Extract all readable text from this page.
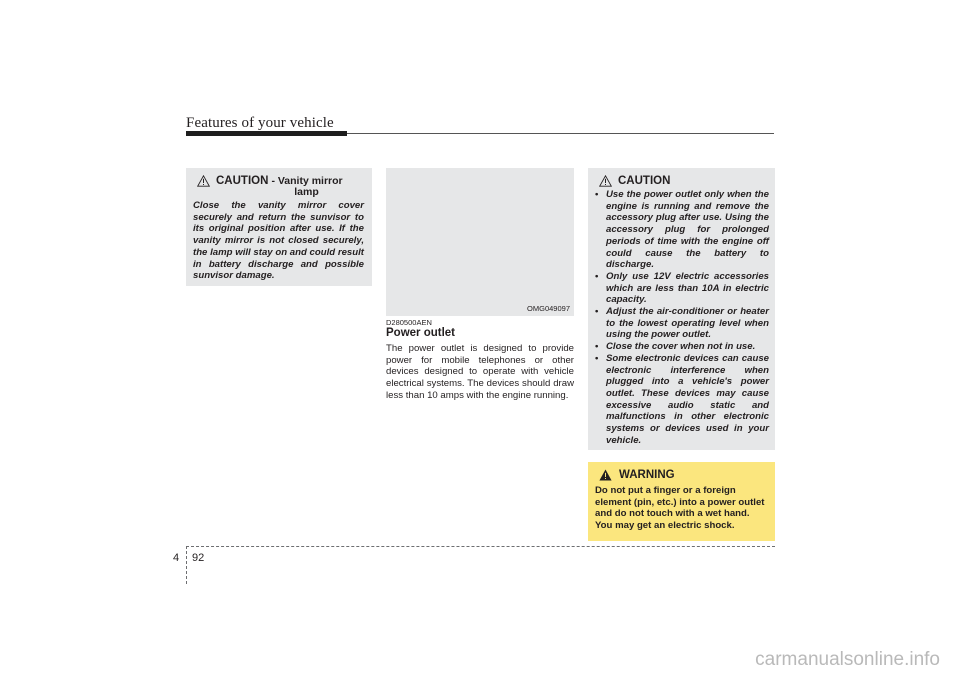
Features of your vehicle
CAUTION - Vanity mirror
lamp
Close the vanity mirror cover securely and return the sunvisor to its original position after use. If the vanity mirror is not closed securely, the lamp will stay on and could result in battery discharge and possible sunvisor damage.
OMG049097
D280500AEN
Power outlet
The power outlet is designed to provide power for mobile telephones or other devices designed to operate with vehicle electrical systems. The devices should draw less than 10 amps with the engine running.
CAUTION
• Use the power outlet only when the engine is running and remove the accessory plug after use. Using the accessory plug for prolonged periods of time with the engine off could cause the battery to discharge.
• Only use 12V electric accessories which are less than 10A in electric capacity.
• Adjust the air-conditioner or heater to the lowest operating level when using the power outlet.
• Close the cover when not in use.
• Some electronic devices can cause electronic interference when plugged into a vehicle's power outlet. These devices may cause excessive audio static and malfunctions in other electronic systems or devices used in your vehicle.
WARNING
Do not put a finger or a foreign element (pin, etc.) into a power outlet and do not touch with a wet hand. You may get an electric shock.
4 92
carmanualsonline.info
